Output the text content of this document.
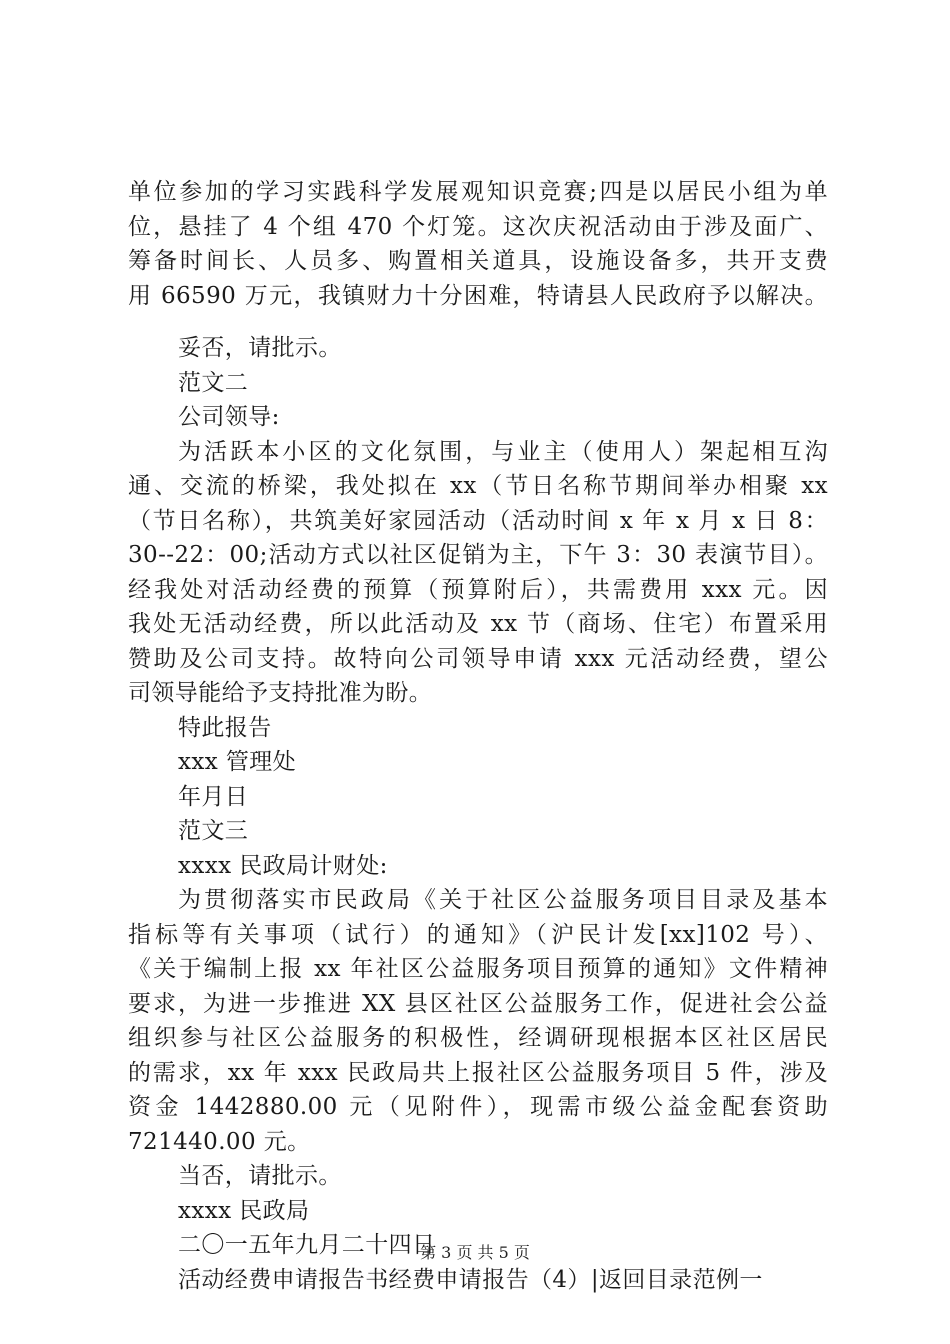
单位参加的学习实践科学发展观知识竞赛;四是以居民小组为单
位，悬挂了 4 个组 470 个灯笼。这次庆祝活动由于涉及面广、
筹备时间长、人员多、购置相关道具，设施设备多，共开支费
用 66590 万元，我镇财力十分困难，特请县人民政府予以解决。
妥否，请批示。
范文二
公司领导:
为活跃本小区的文化氛围，与业主（使用人）架起相互沟
通、交流的桥梁，我处拟在 xx（节日名称节期间举办相聚 xx
（节日名称），共筑美好家园活动（活动时间 x 年 x 月 x 日 8：
30--22：00;活动方式以社区促销为主，下午 3：30 表演节目）。
经我处对活动经费的预算（预算附后），共需费用 xxx 元。因
我处无活动经费，所以此活动及 xx 节（商场、住宅）布置采用
赞助及公司支持。故特向公司领导申请 xxx 元活动经费，望公
司领导能给予支持批准为盼。
特此报告
xxx 管理处
年月日
范文三
xxxx 民政局计财处:
为贯彻落实市民政局《关于社区公益服务项目目录及基本
指标等有关事项（试行）的通知》（沪民计发[xx]102 号）、
《关于编制上报 xx 年社区公益服务项目预算的通知》文件精神
要求，为进一步推进 XX 县区社区公益服务工作，促进社会公益
组织参与社区公益服务的积极性，经调研现根据本区社区居民
的需求，xx 年 xxx 民政局共上报社区公益服务项目 5 件，涉及
资金 1442880.00 元（见附件），现需市级公益金配套资助
721440.00 元。
当否，请批示。
xxxx 民政局
二〇一五年九月二十四日
活动经费申请报告书经费申请报告（4）|返回目录范例一
第 3 页 共 5 页
